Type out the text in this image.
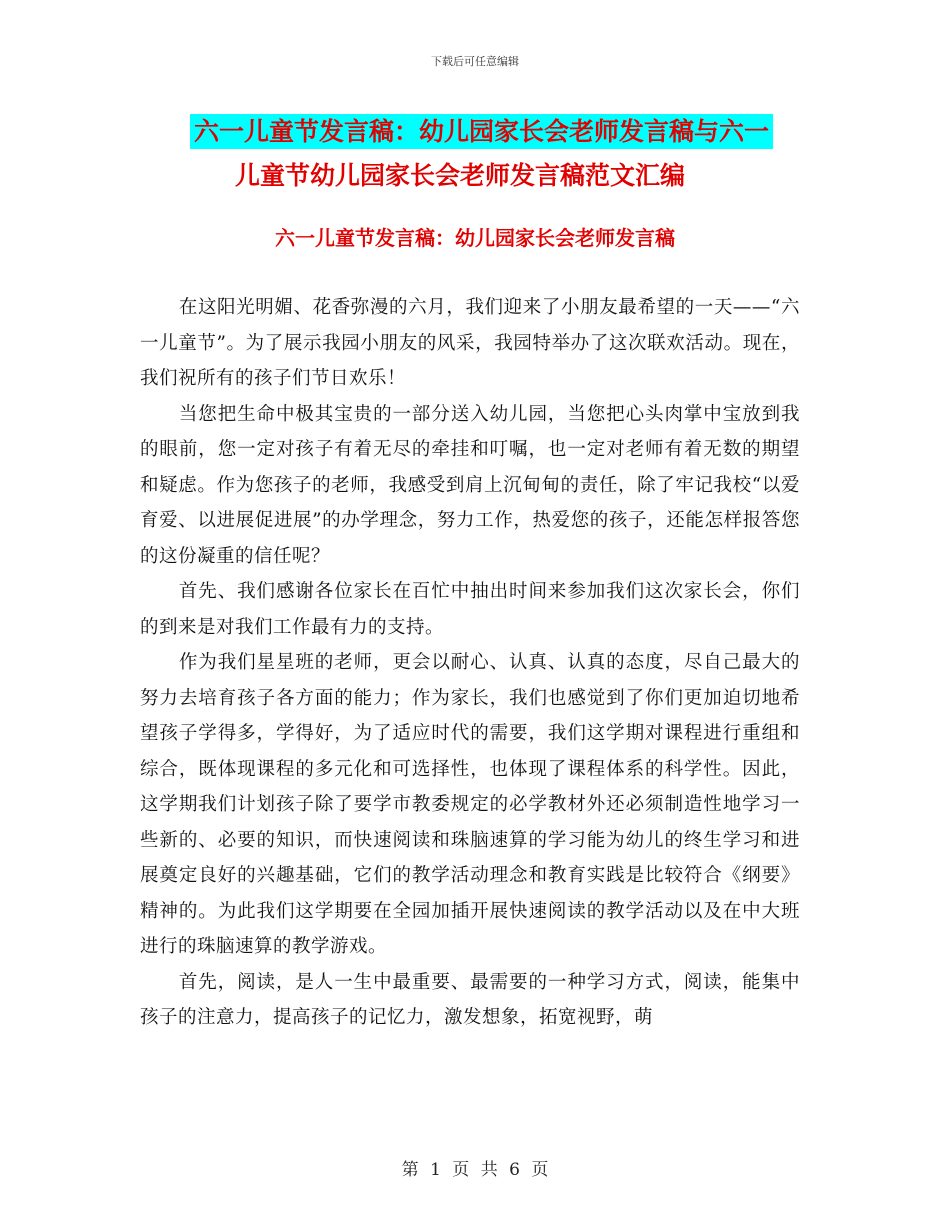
下载后可任意编辑
六一儿童节发言稿：幼儿园家长会老师发言稿与六一
儿童节幼儿园家长会老师发言稿范文汇编
六一儿童节发言稿：幼儿园家长会老师发言稿

在这阳光明媚、花香弥漫的六月，我们迎来了小朋友最希望的一天——“六一儿童节”。为了展示我园小朋友的风采，我园特举办了这次联欢活动。现在，我们祝所有的孩子们节日欢乐！

当您把生命中极其宝贵的一部分送入幼儿园，当您把心头肉掌中宝放到我的眼前，您一定对孩子有着无尽的牵挂和叮嘱，也一定对老师有着无数的期望和疑虑。作为您孩子的老师，我感受到肩上沉甸甸的责任，除了牢记我校“以爱育爱、以进展促进展”的办学理念，努力工作，热爱您的孩子，还能怎样报答您的这份凝重的信任呢？

首先、我们感谢各位家长在百忙中抽出时间来参加我们这次家长会，你们的到来是对我们工作最有力的支持。

作为我们星星班的老师，更会以耐心、认真、认真的态度，尽自己最大的努力去培育孩子各方面的能力；作为家长，我们也感觉到了你们更加迫切地希望孩子学得多，学得好，为了适应时代的需要，我们这学期对课程进行重组和综合，既体现课程的多元化和可选择性，也体现了课程体系的科学性。因此，这学期我们计划孩子除了要学市教委规定的必学教材外还必须制造性地学习一些新的、必要的知识，而快速阅读和珠脑速算的学习能为幼儿的终生学习和进展奠定良好的兴趣基础，它们的教学活动理念和教育实践是比较符合《纲要》精神的。为此我们这学期要在全园加插开展快速阅读的教学活动以及在中大班进行的珠脑速算的教学游戏。

首先，阅读，是人一生中最重要、最需要的一种学习方式，阅读，能集中孩子的注意力，提高孩子的记忆力，激发想象，拓宽视野，萌

第 1 页 共 6 页
